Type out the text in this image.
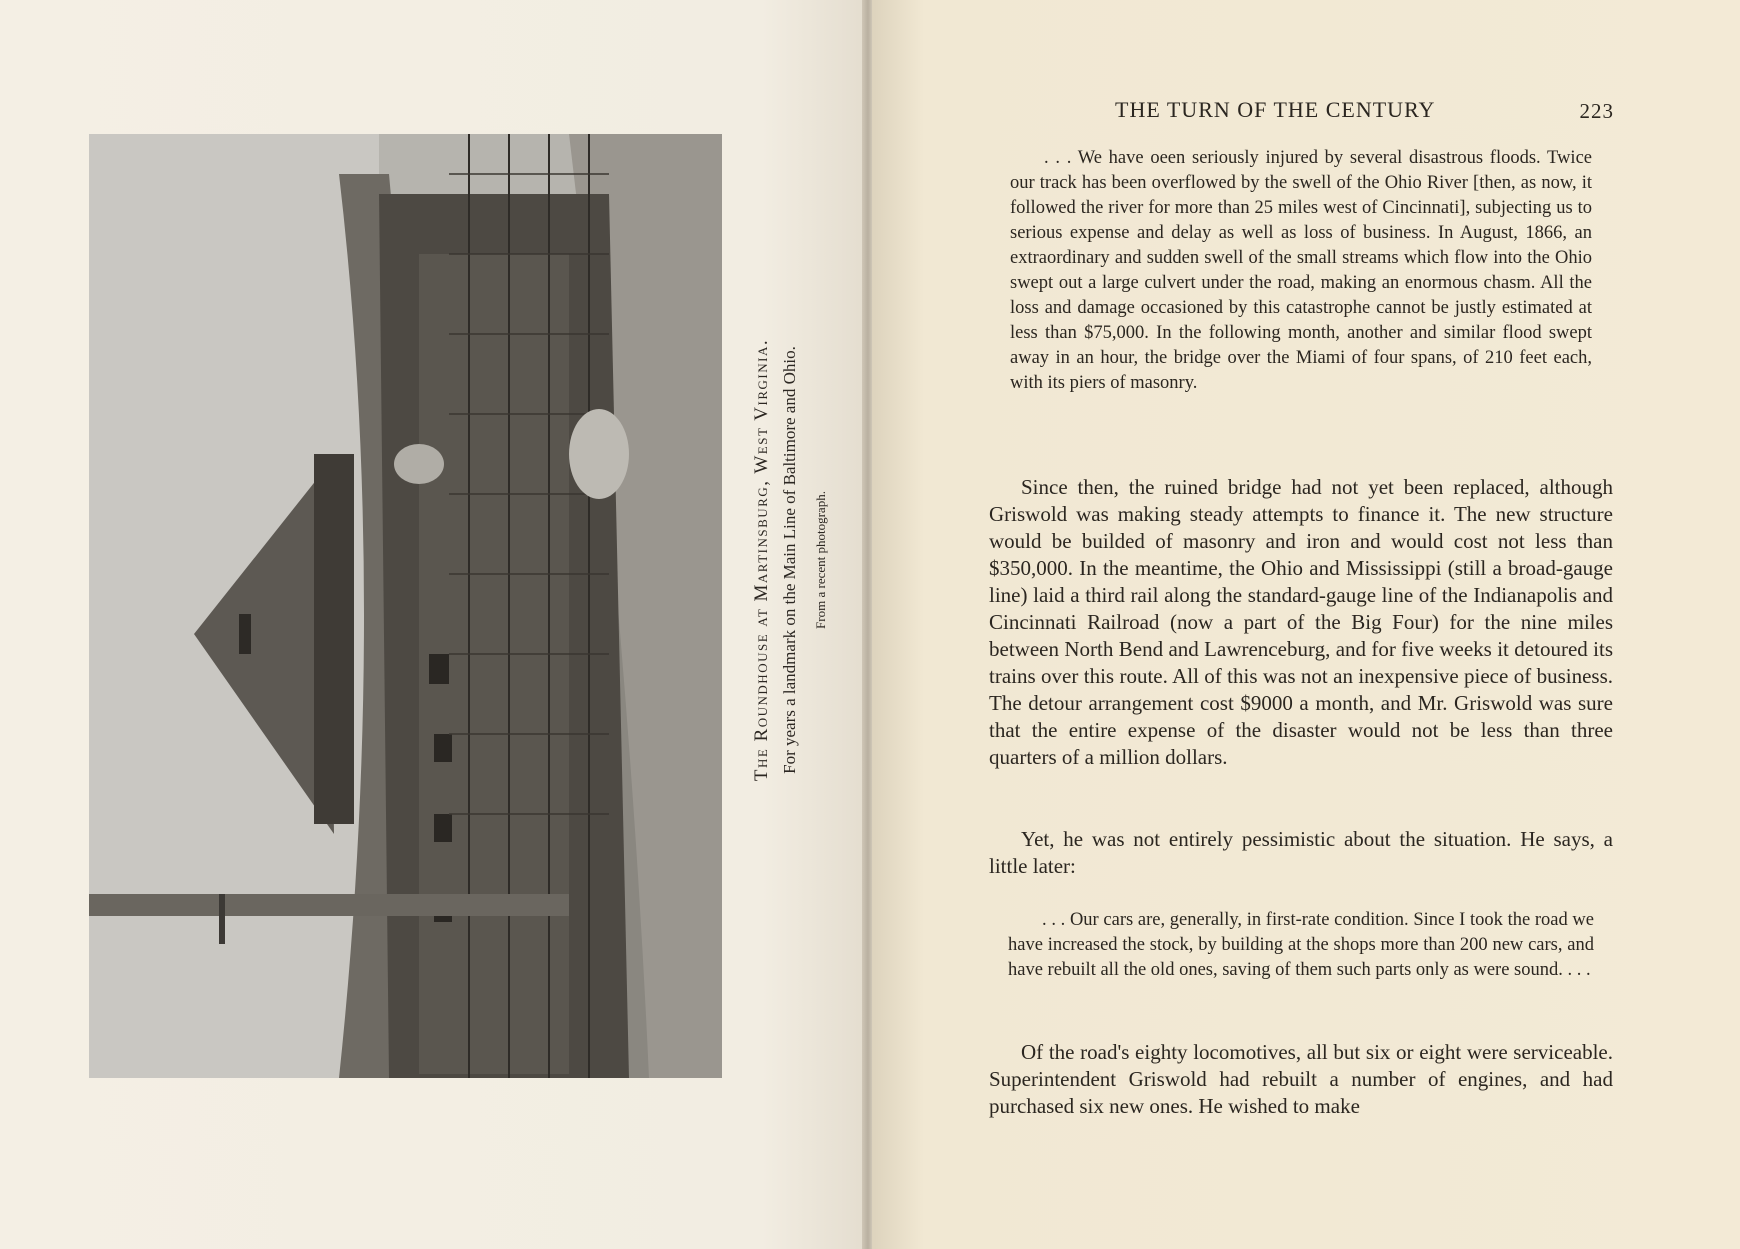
The Roundhouse at Martinsburg, West Virginia. For years a landmark on the Main Line of Baltimore and Ohio.	From a recent photograph.
THE TURN OF THE CENTURY	223

. . . We have oeen seriously injured by several disastrous floods. Twice our track has been overflowed by the swell of the Ohio River [then, as now, it followed the river for more than 25 miles west of Cincinnati], subjecting us to serious expense and delay as well as loss of business. In August, 1866, an extraordinary and sudden swell of the small streams which flow into the Ohio swept out a large culvert under the road, making an enormous chasm. All the loss and damage occasioned by this catastrophe cannot be justly estimated at less than $75,000. In the following month, another and similar flood swept away in an hour, the bridge over the Miami of four spans, of 210 feet each, with its piers of masonry.

Since then, the ruined bridge had not yet been replaced, although Griswold was making steady attempts to finance it. The new structure would be builded of masonry and iron and would cost not less than $350,000. In the meantime, the Ohio and Mississippi (still a broad-gauge line) laid a third rail along the standard-gauge line of the Indianapolis and Cincinnati Railroad (now a part of the Big Four) for the nine miles between North Bend and Lawrenceburg, and for five weeks it detoured its trains over this route. All of this was not an inexpensive piece of business. The detour arrangement cost $9000 a month, and Mr. Griswold was sure that the entire expense of the disaster would not be less than three quarters of a million dollars.

Yet, he was not entirely pessimistic about the situation. He says, a little later:

. . . Our cars are, generally, in first-rate condition. Since I took the road we have increased the stock, by building at the shops more than 200 new cars, and have rebuilt all the old ones, saving of them such parts only as were sound. . . .

Of the road's eighty locomotives, all but six or eight were serviceable. Superintendent Griswold had rebuilt a number of engines, and had purchased six new ones. He wished to make
